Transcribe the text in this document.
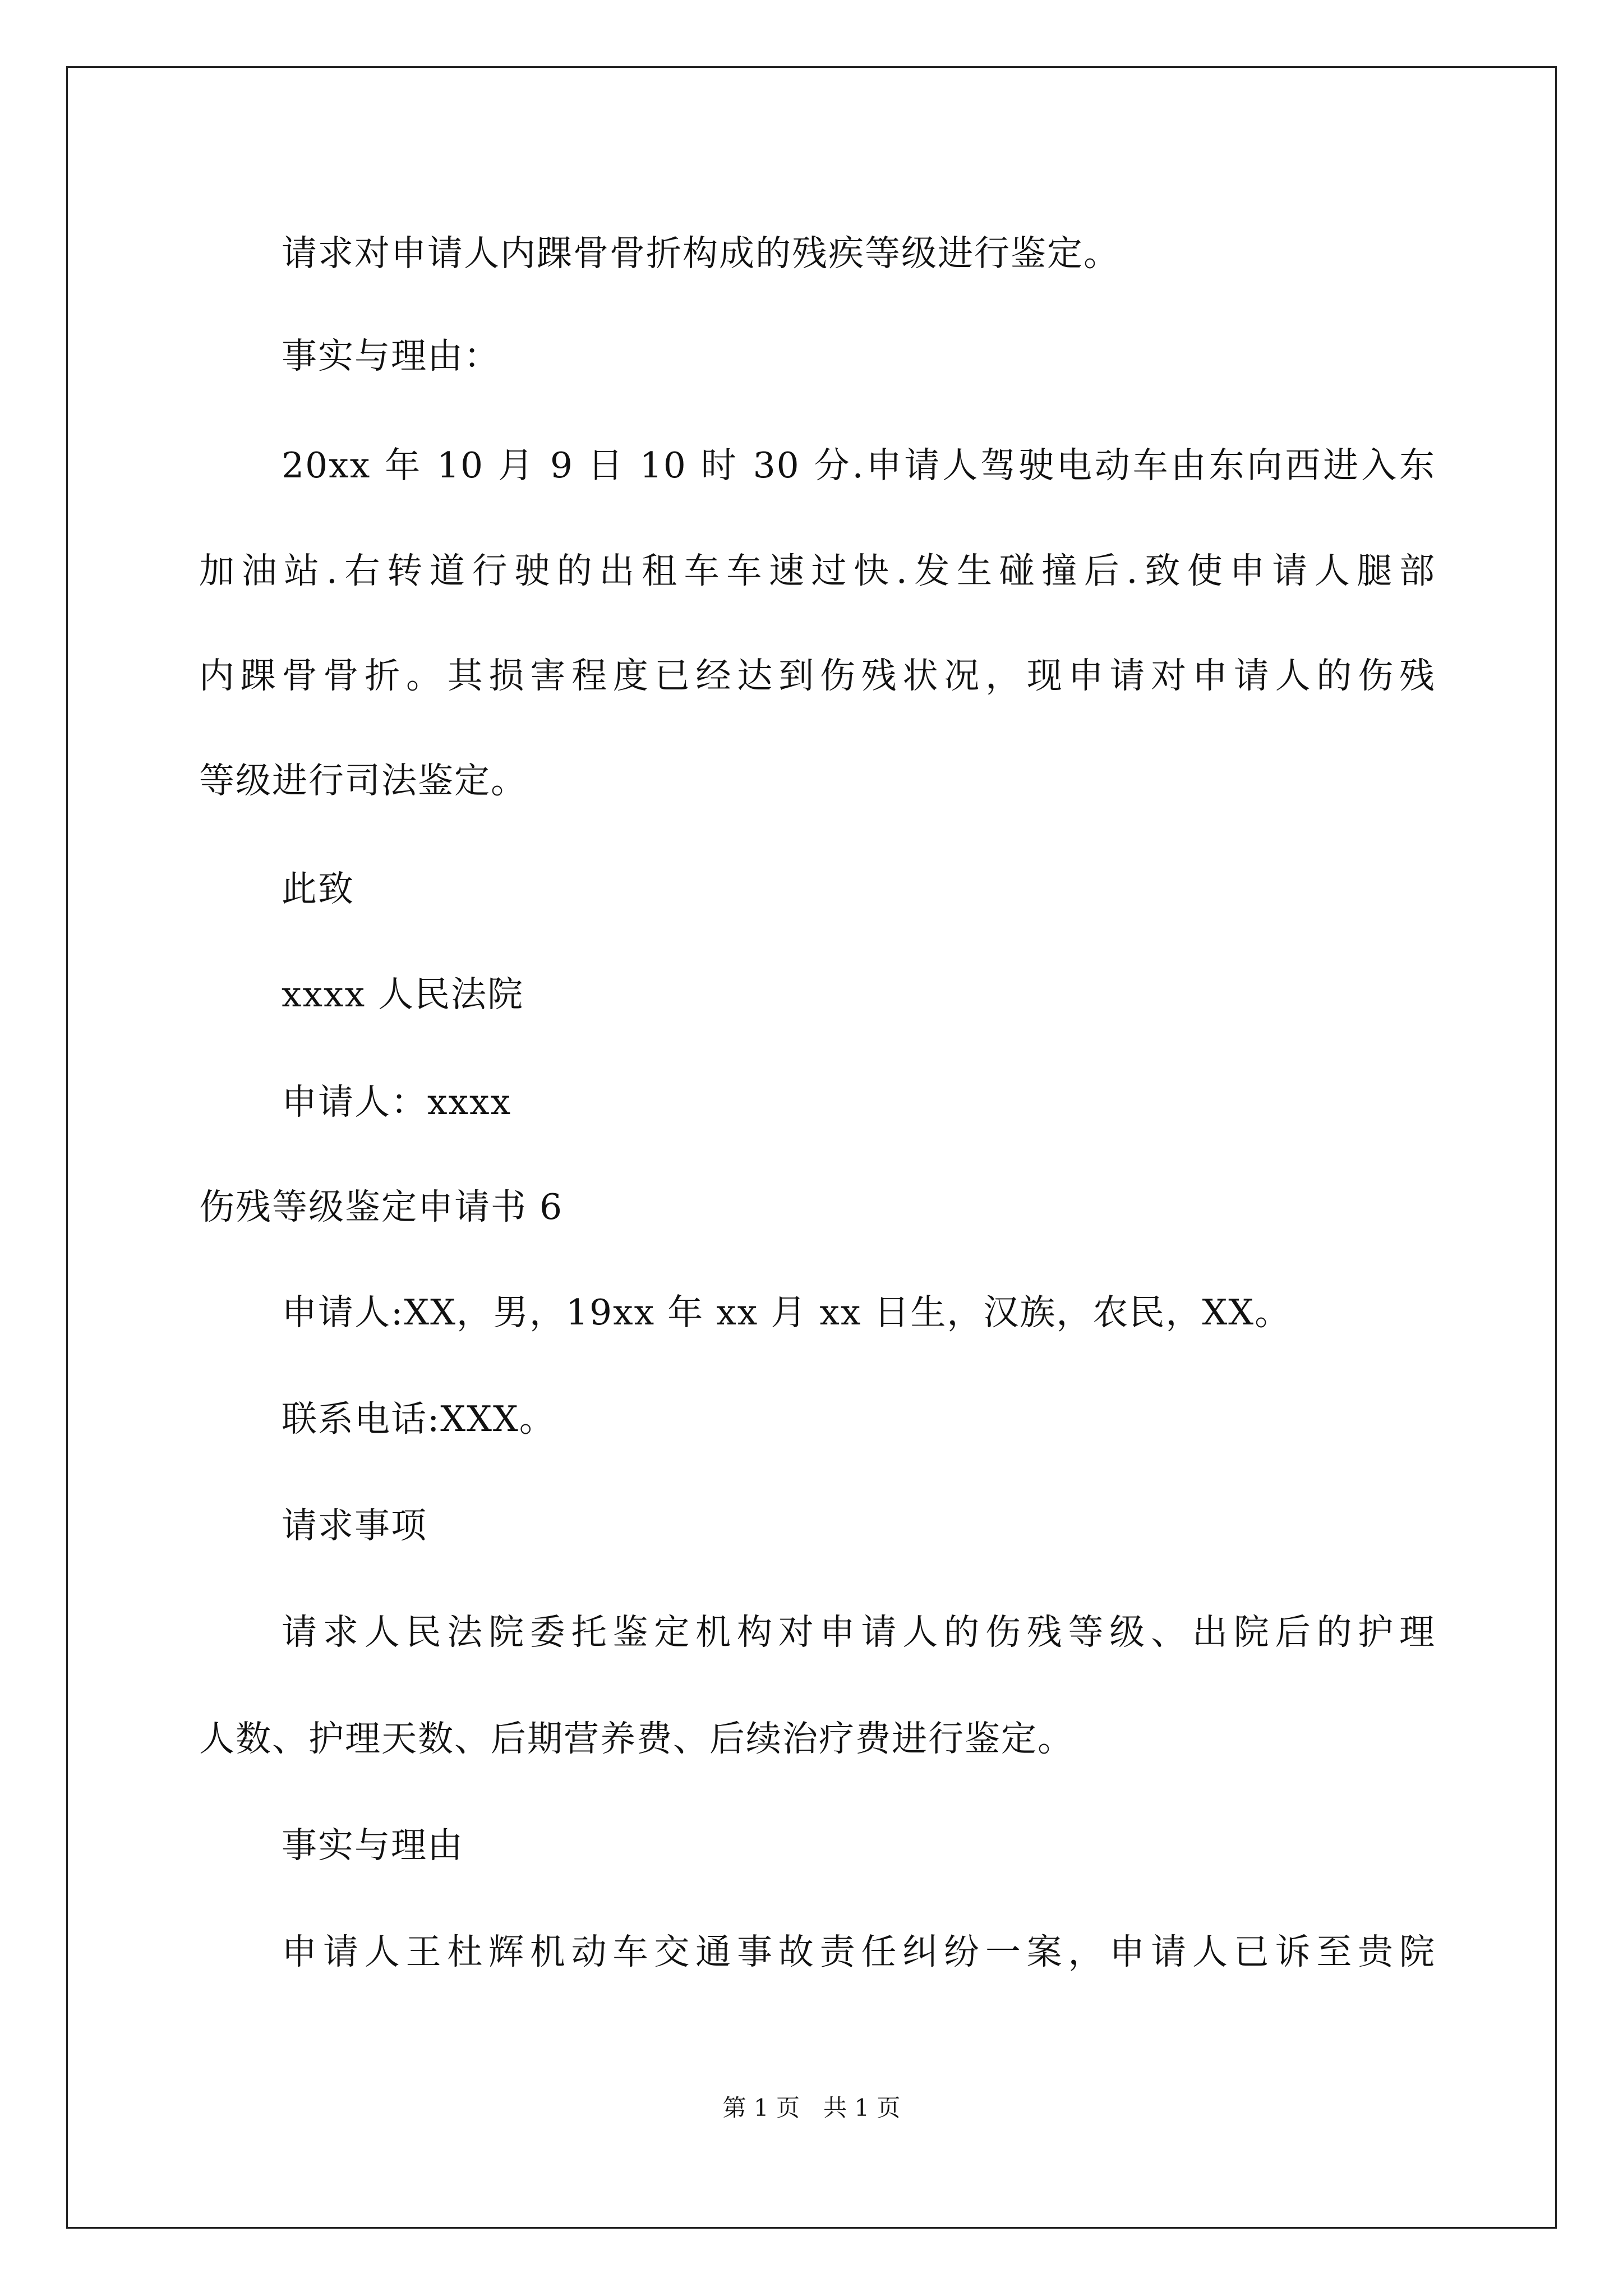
请求对申请人内踝骨骨折构成的残疾等级进行鉴定。
事实与理由：
20xx 年 10 月 9 日 10 时 30 分.申请人驾驶电动车由东向西进入东
加油站.右转道行驶的出租车车速过快.发生碰撞后.致使申请人腿部
内踝骨骨折。其损害程度已经达到伤残状况，现申请对申请人的伤残
等级进行司法鉴定。
此致
xxxx 人民法院
申请人：xxxx
伤残等级鉴定申请书 6
申请人:XX，男，19xx 年 xx 月 xx 日生，汉族，农民，XX。
联系电话:XXX。
请求事项
请求人民法院委托鉴定机构对申请人的伤残等级、出院后的护理
人数、护理天数、后期营养费、后续治疗费进行鉴定。
事实与理由
申请人王杜辉机动车交通事故责任纠纷一案，申请人已诉至贵院
第 1 页　共 1 页
